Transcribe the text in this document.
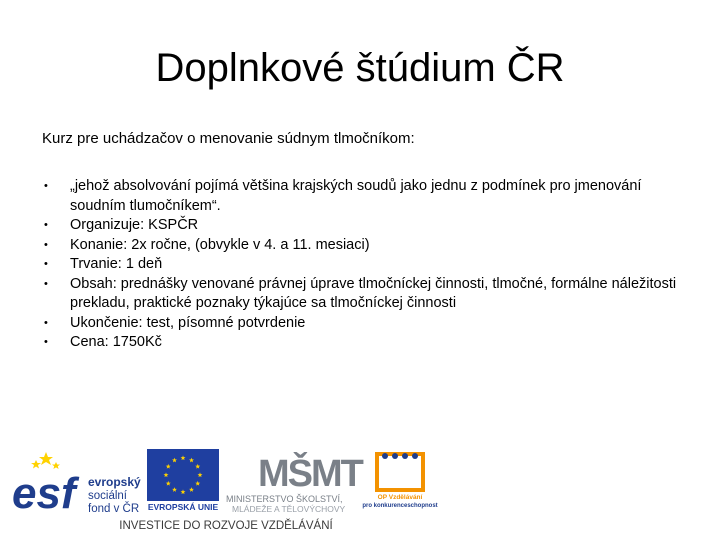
Doplnkové štúdium ČR
Kurz pre uchádzačov o menovanie súdnym tlmočníkom:
• „jehož absolvování pojímá většina krajských soudů jako jednu z podmínek pro jmenování soudním tlumočníkem“.
• Organizuje: KSPČR
• Konanie: 2x ročne, (obvykle v 4. a 11. mesiaci)
• Trvanie: 1 deň
• Obsah: prednášky venované právnej úprave tlmočníckej činnosti, tlmočné, formálne náležitosti prekladu, praktické poznaky týkajúce sa tlmočníckej činnosti
• Ukončenie: test, písomné potvrdenie
• Cena: 1750Kč
esf	evropský
sociální
fond v ČR EVROPSKÁ UNIE
MŠMT
MINISTERSTVO ŠKOLSTVÍ,
MLÁDEŽE A TĚLOVÝCHOVY
OP Vzdělávání
pro konkurenceschopnost
INVESTICE DO ROZVOJE VZDĚLÁVÁNÍ
